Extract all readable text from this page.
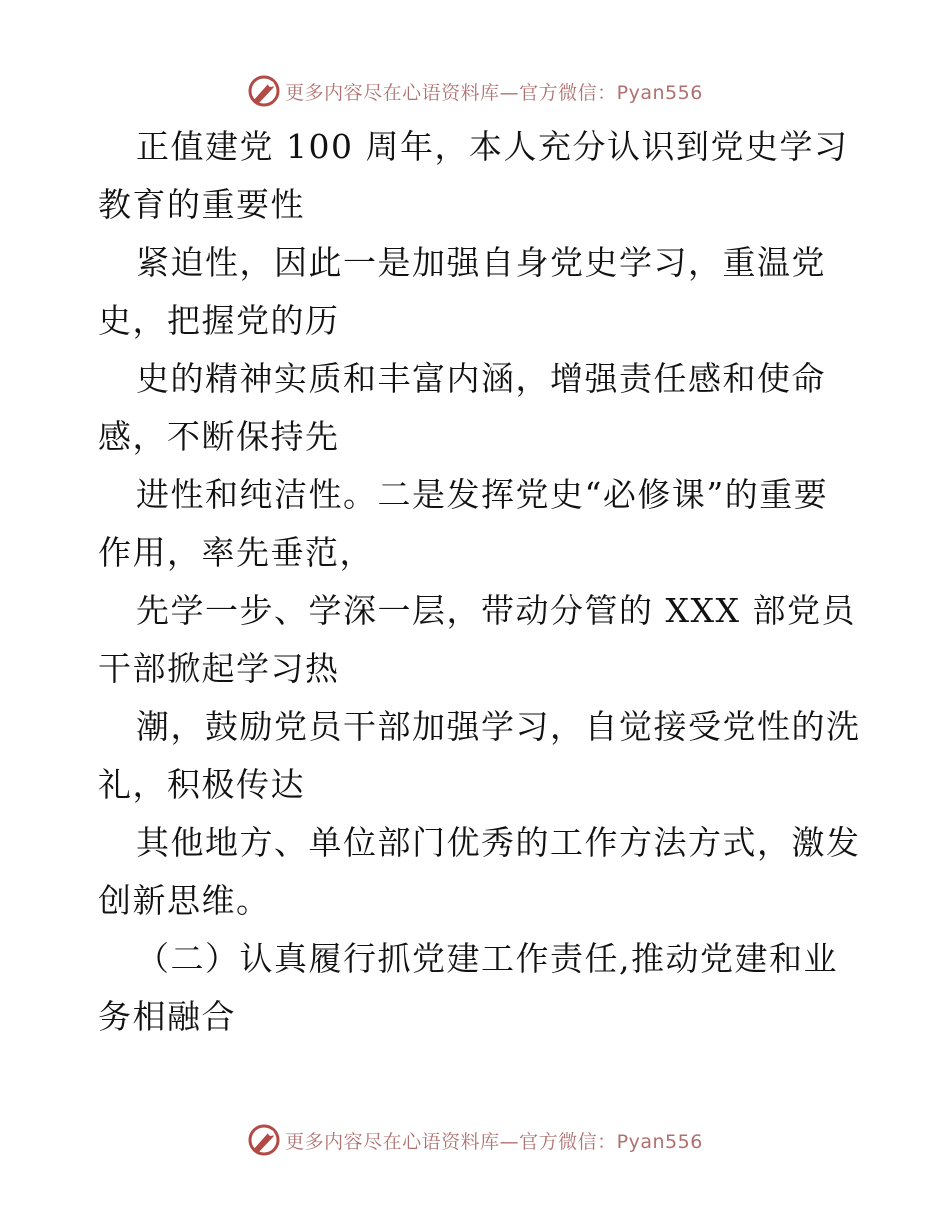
更多内容尽在心语资料库—官方微信：Pyan556
正值建党 100 周年，本人充分认识到党史学习
教育的重要性
紧迫性，因此一是加强自身党史学习，重温党
史，把握党的历
史的精神实质和丰富内涵，增强责任感和使命
感，不断保持先
进性和纯洁性。二是发挥党史“必修课”的重要
作用，率先垂范，
先学一步、学深一层，带动分管的 XXX 部党员
干部掀起学习热
潮，鼓励党员干部加强学习，自觉接受党性的洗
礼，积极传达
其他地方、单位部门优秀的工作方法方式，激发
创新思维。
（二）认真履行抓党建工作责任,推动党建和业
务相融合
更多内容尽在心语资料库—官方微信：Pyan556
